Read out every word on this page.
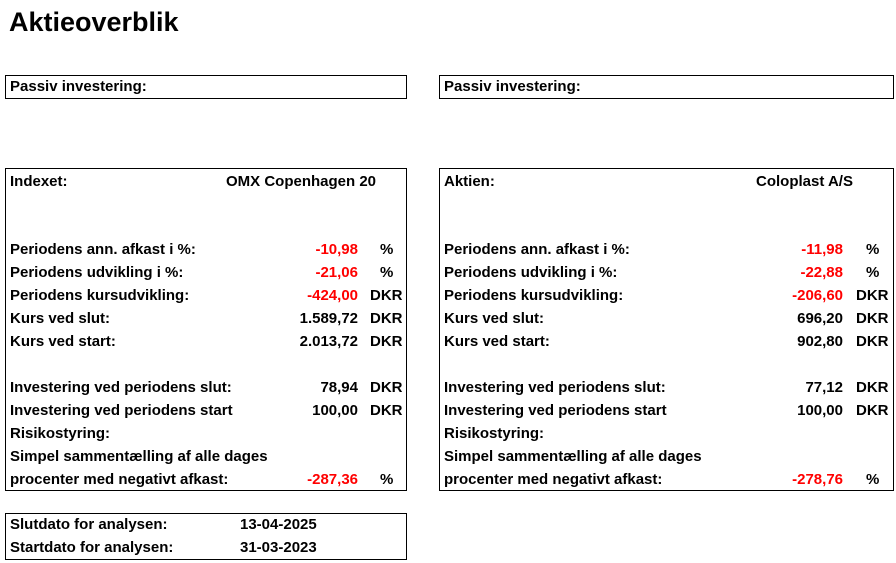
Aktieoverblik
Passiv investering:	Passiv investering:
Indexet:	OMX Copenhagen 20
Periodens ann. afkast i %:	-10,98 %
Periodens udvikling i %:	-21,06 %
Periodens kursudvikling:	-424,00 DKR
Kurs ved slut:	1.589,72 DKR
Kurs ved start:	2.013,72 DKR
Investering ved periodens slut:	78,94 DKR
Investering ved periodens start	100,00 DKR
Risikostyring:
Simpel sammentælling af alle dages
procenter med negativt afkast:	-287,36 %
Aktien:	Coloplast A/S
Periodens ann. afkast i %:	-11,98 %
Periodens udvikling i %:	-22,88 %
Periodens kursudvikling:	-206,60 DKR
Kurs ved slut:	696,20 DKR
Kurs ved start:	902,80 DKR
Investering ved periodens slut:	77,12 DKR
Investering ved periodens start	100,00 DKR
Risikostyring:
Simpel sammentælling af alle dages
procenter med negativt afkast:	-278,76 %
Slutdato for analysen:	13-04-2025
Startdato for analysen:	31-03-2023
